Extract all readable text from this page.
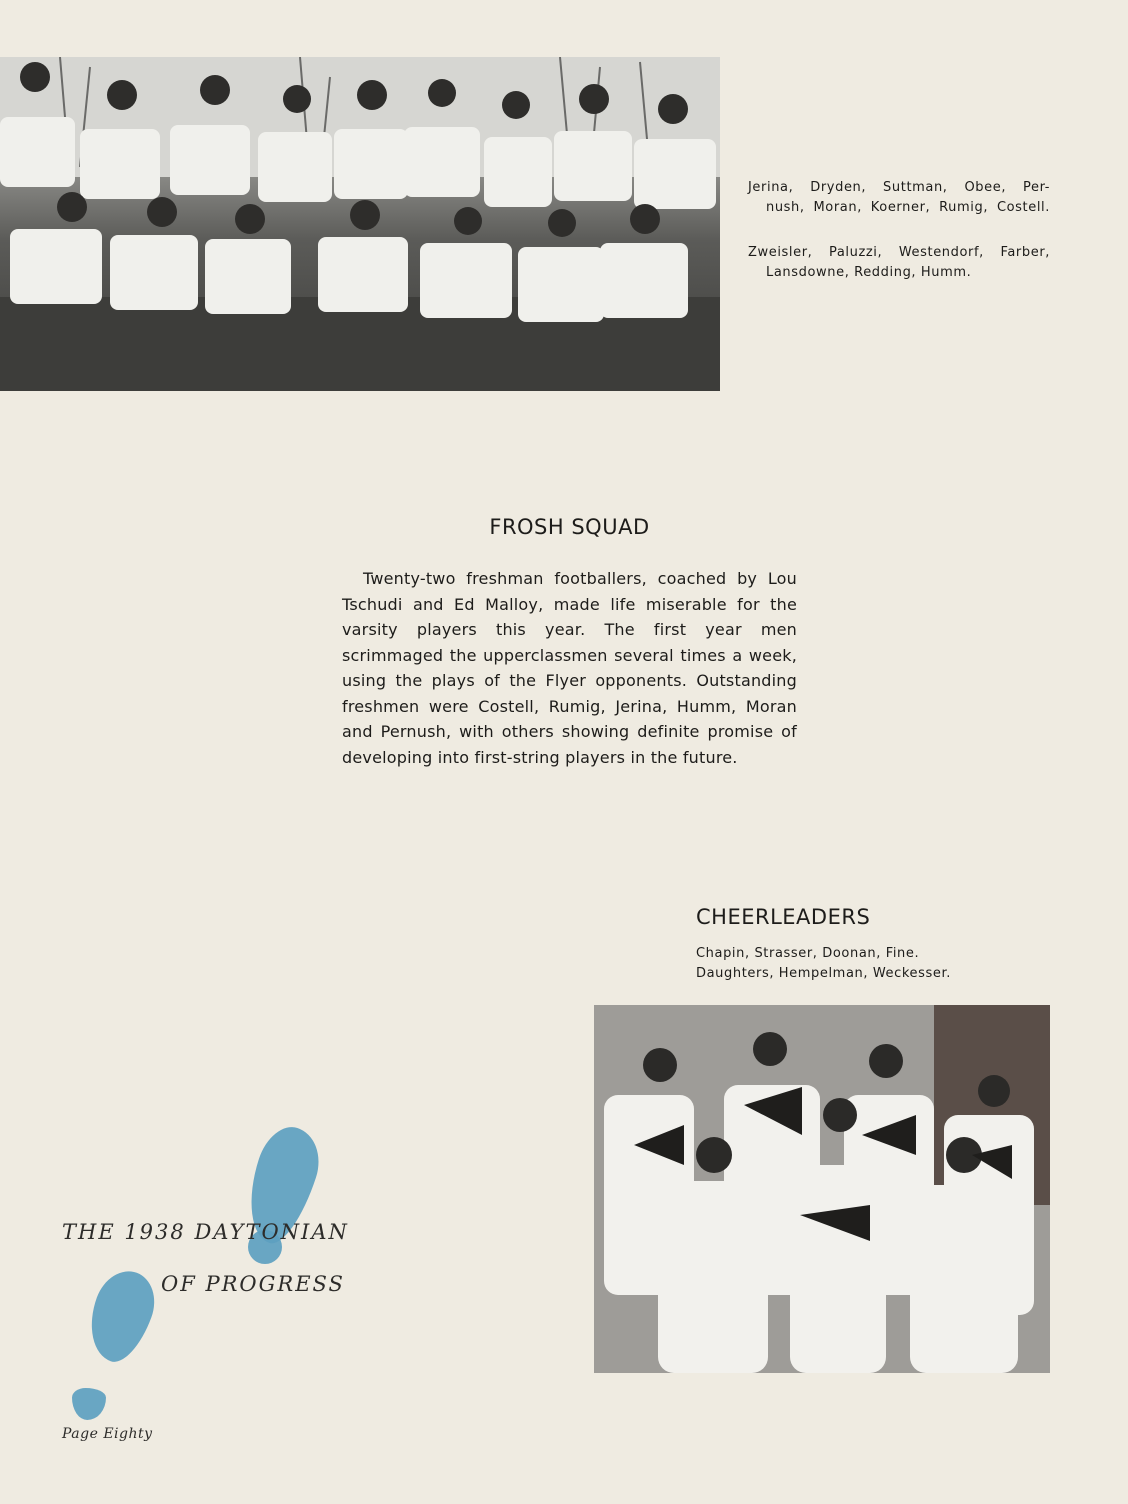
Jerina, Dryden, Suttman, Obee, Per-
nush, Moran, Koerner, Rumig, Costell.
Zweisler, Paluzzi, Westendorf, Farber,
Lansdowne, Redding, Humm.
FROSH SQUAD
Twenty-two freshman footballers, coached by Lou Tschudi and Ed Malloy, made life miserable for the varsity players this year. The first year men scrimmaged the upperclassmen several times a week, using the plays of the Flyer opponents. Outstanding freshmen were Costell, Rumig, Jerina, Humm, Moran and Pernush, with others showing definite promise of developing into first-string players in the future.
CHEERLEADERS
Chapin, Strasser, Doonan, Fine.
Daughters, Hempelman, Weckesser.
THE 1938 DAYTONIAN
OF PROGRESS
Page Eighty
